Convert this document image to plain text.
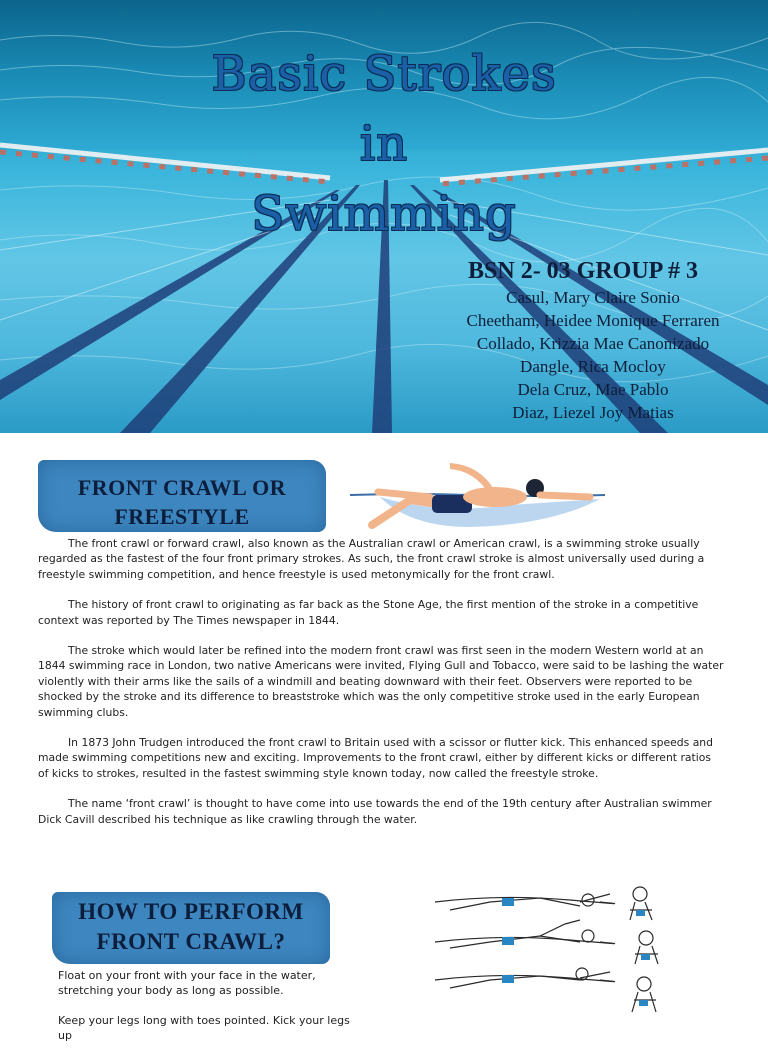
Basic Strokes
in
Swimming
BSN 2- 03 GROUP # 3
Casul, Mary Claire Sonio
Cheetham, Heidee Monique Ferraren
Collado, Krizzia Mae Canonizado
Dangle, Rica Mocloy
Dela Cruz, Mae Pablo
Diaz, Liezel Joy Matias
FRONT CRAWL OR
FREESTYLE

The front crawl or forward crawl, also known as the Australian crawl or American crawl, is a swimming stroke usually regarded as the fastest of the four front primary strokes. As such, the front crawl stroke is almost universally used during a freestyle swimming competition, and hence freestyle is used metonymically for the front crawl.

The history of front crawl to originating as far back as the Stone Age, the first mention of the stroke in a competitive context was reported by The Times newspaper in 1844.

The stroke which would later be refined into the modern front crawl was first seen in the modern Western world at an 1844 swimming race in London, two native Americans were invited, Flying Gull and Tobacco, were said to be lashing the water violently with their arms like the sails of a windmill and beating downward with their feet. Observers were reported to be shocked by the stroke and its difference to breaststroke which was the only competitive stroke used in the early European swimming clubs.

In 1873 John Trudgen introduced the front crawl to Britain used with a scissor or flutter kick. This enhanced speeds and made swimming competitions new and exciting. Improvements to the front crawl, either by different kicks or different ratios of kicks to strokes, resulted in the fastest swimming style known today, now called the freestyle stroke.

The name ‘front crawl’ is thought to have come into use towards the end of the 19th century after Australian swimmer Dick Cavill described his technique as like crawling through the water.

HOW TO PERFORM
FRONT CRAWL?

Float on your front with your face in the water, stretching your body as long as possible.

Keep your legs long with toes pointed. Kick your legs up
